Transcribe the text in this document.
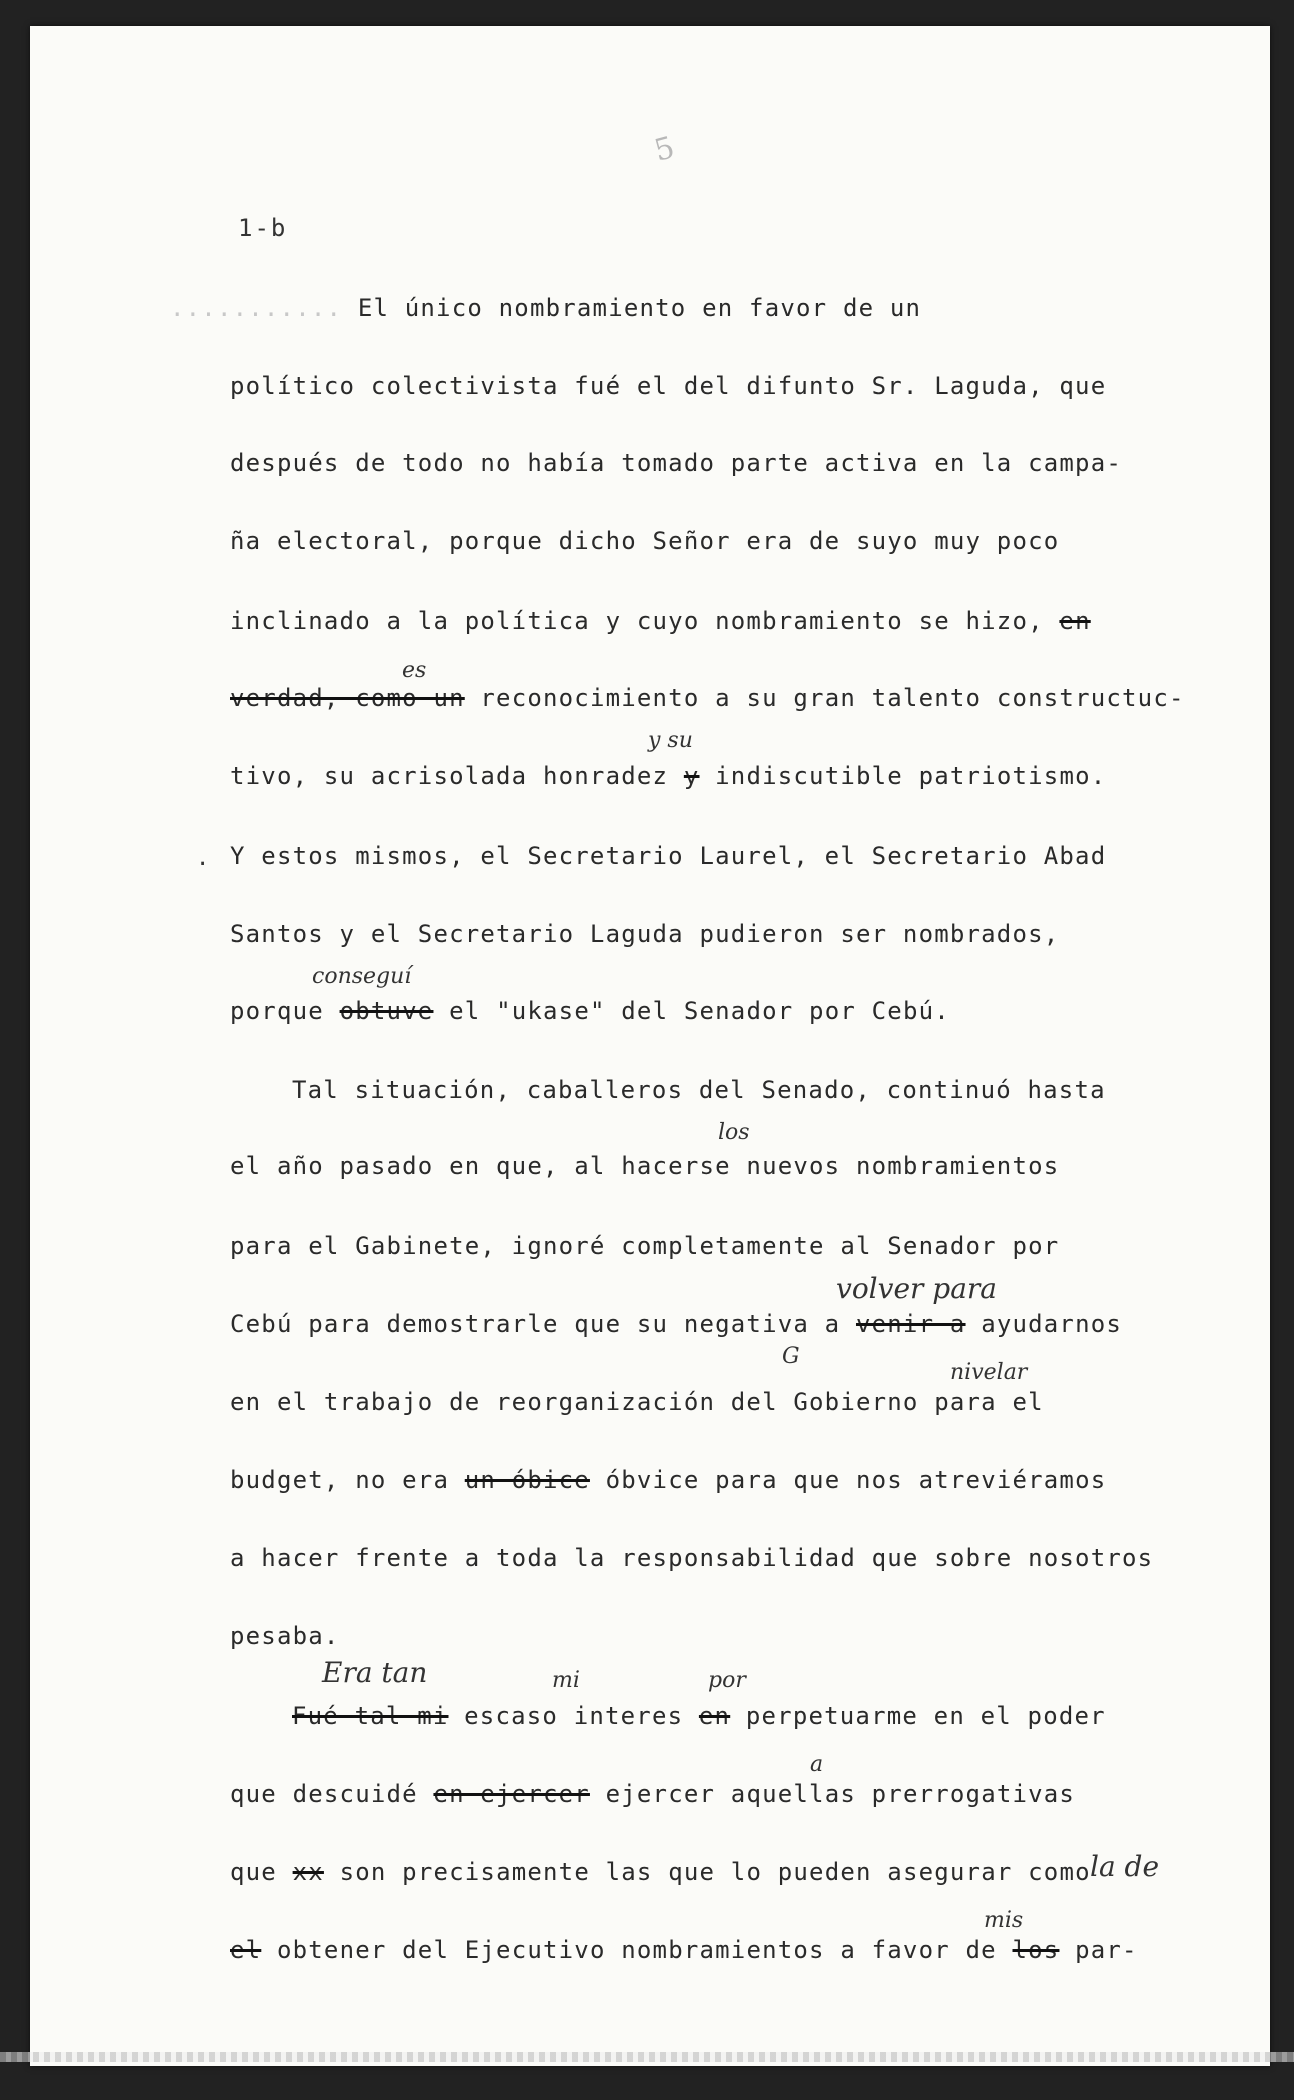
5
1-b
........... El único nombramiento en favor de un
político colectivista fué el del difunto Sr. Laguda, que
después de todo no había tomado parte activa en la campa-
ña electoral, porque dicho Señor era de suyo muy poco
inclinado a la política y cuyo nombramiento se hizo, en
es
verdad, como un reconocimiento a su gran talento constructuc-
y su
tivo, su acrisolada honradez y indiscutible patriotismo.
. Y estos mismos, el Secretario Laurel, el Secretario Abad
Santos y el Secretario Laguda pudieron ser nombrados,
conseguí
porque obtuve el "ukase" del Senador por Cebú.
Tal situación, caballeros del Senado, continuó hasta
los
el año pasado en que, al hacerse nuevos nombramientos
para el Gabinete, ignoré completamente al Senador por
volver para
Cebú para demostrarle que su negativa a venir a ayudarnos
G
nivelar
en el trabajo de reorganización del Gobierno para el
budget, no era un óbice óbvice para que nos atreviéramos
a hacer frente a toda la responsabilidad que sobre nosotros
pesaba.
Era tan	mi	por
Fué tal mi escaso interes en perpetuarme en el poder
a
que descuidé en ejercer ejercer aquellas prerrogativas
que xx son precisamente las que lo pueden asegurar como la de
mis
el obtener del Ejecutivo nombramientos a favor de los par-
